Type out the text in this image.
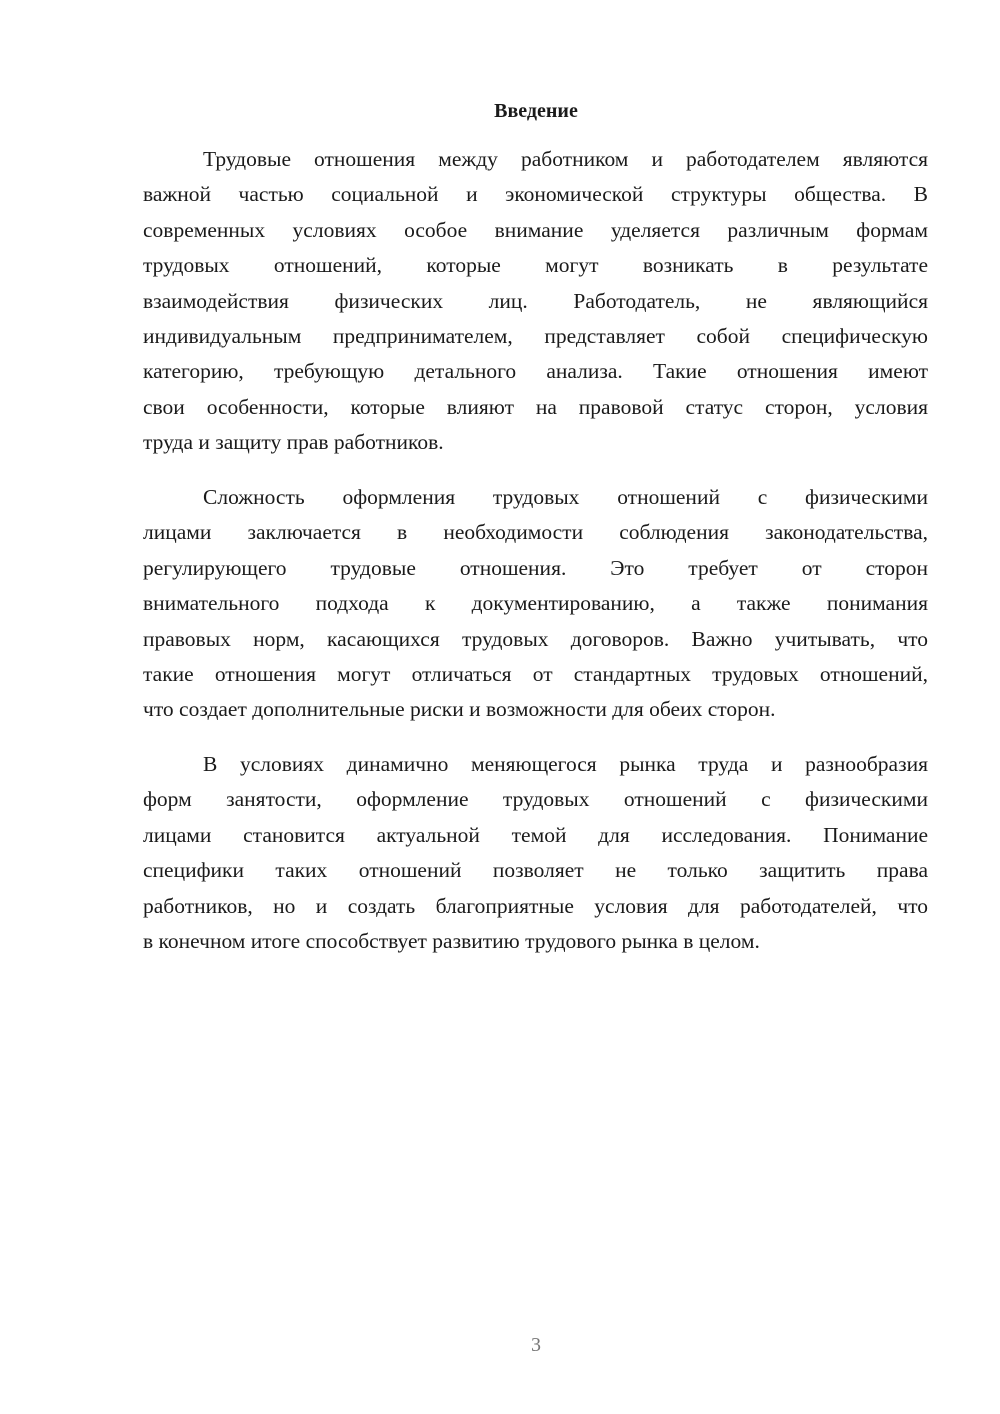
Введение
Трудовые отношения между работником и работодателем являются
важной частью социальной и экономической структуры общества. В
современных условиях особое внимание уделяется различным формам
трудовых отношений, которые могут возникать в результате
взаимодействия физических лиц. Работодатель, не являющийся
индивидуальным предпринимателем, представляет собой специфическую
категорию, требующую детального анализа. Такие отношения имеют
свои особенности, которые влияют на правовой статус сторон, условия
труда и защиту прав работников.
Сложность оформления трудовых отношений с физическими
лицами заключается в необходимости соблюдения законодательства,
регулирующего трудовые отношения. Это требует от сторон
внимательного подхода к документированию, а также понимания
правовых норм, касающихся трудовых договоров. Важно учитывать, что
такие отношения могут отличаться от стандартных трудовых отношений,
что создает дополнительные риски и возможности для обеих сторон.
В условиях динамично меняющегося рынка труда и разнообразия
форм занятости, оформление трудовых отношений с физическими
лицами становится актуальной темой для исследования. Понимание
специфики таких отношений позволяет не только защитить права
работников, но и создать благоприятные условия для работодателей, что
в конечном итоге способствует развитию трудового рынка в целом.
3
